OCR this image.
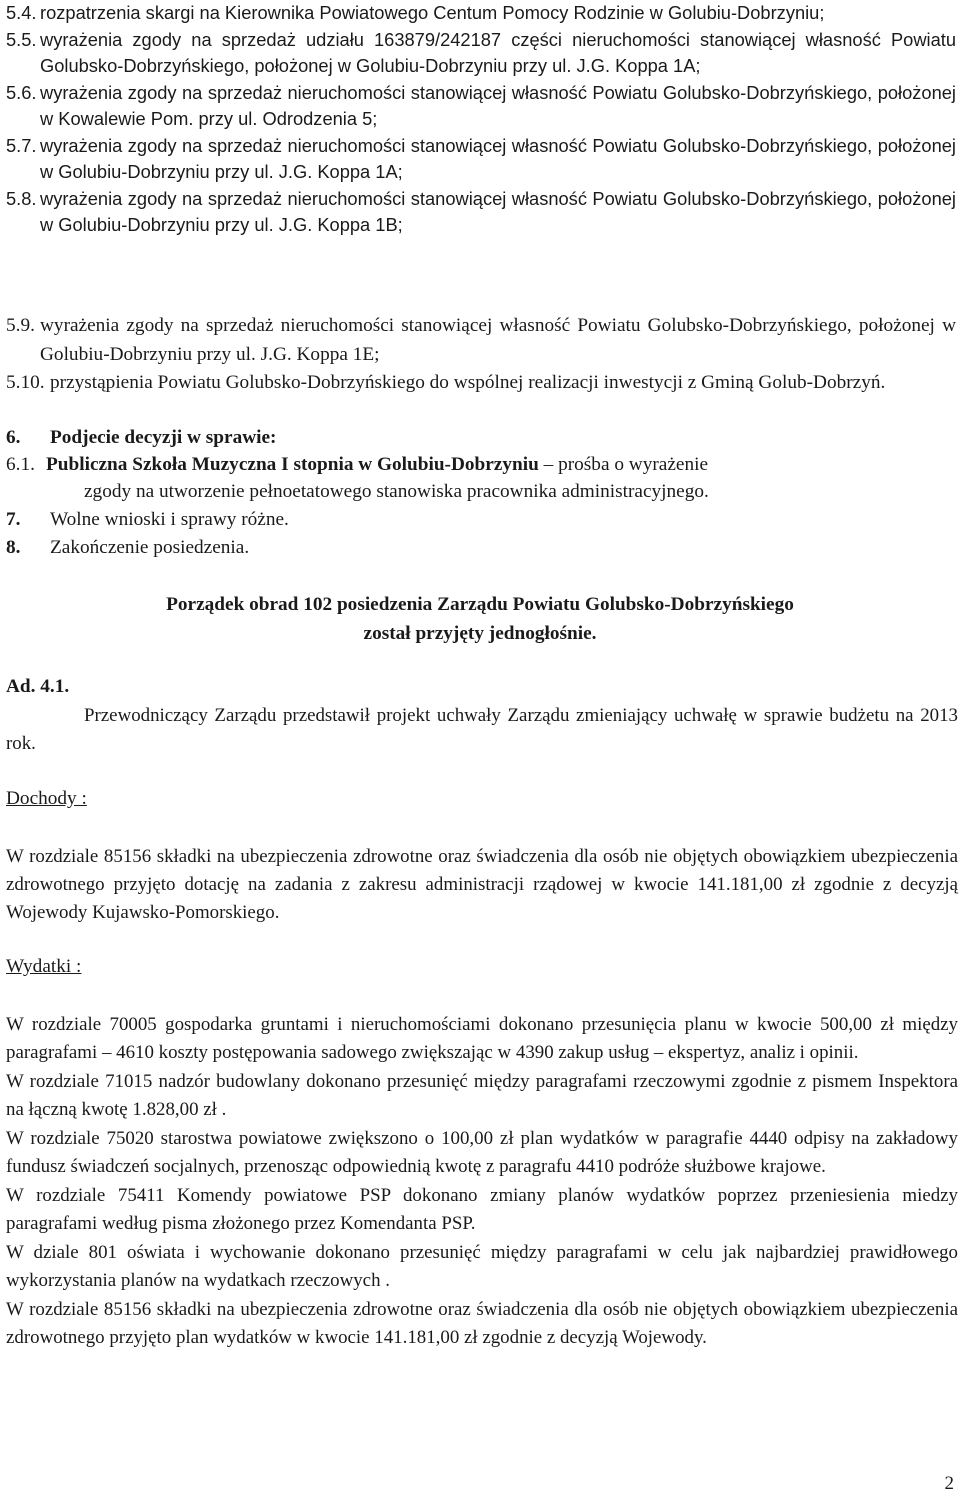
5.4. rozpatrzenia skargi na Kierownika Powiatowego Centum Pomocy Rodzinie w Golubiu-Dobrzyniu;

5.5. wyrażenia zgody na sprzedaż udziału 163879/242187 części nieruchomości stanowiącej własność Powiatu Golubsko-Dobrzyńskiego, położonej w Golubiu-Dobrzyniu przy ul. J.G. Koppa 1A;

5.6. wyrażenia zgody na sprzedaż nieruchomości stanowiącej własność Powiatu Golubsko-Dobrzyńskiego, położonej w Kowalewie Pom. przy ul. Odrodzenia 5;

5.7. wyrażenia zgody na sprzedaż nieruchomości stanowiącej własność Powiatu Golubsko-Dobrzyńskiego, położonej w Golubiu-Dobrzyniu przy ul. J.G. Koppa 1A;

5.8. wyrażenia zgody na sprzedaż nieruchomości stanowiącej własność Powiatu Golubsko-Dobrzyńskiego, położonej w Golubiu-Dobrzyniu przy ul. J.G. Koppa 1B;

5.9. wyrażenia zgody na sprzedaż nieruchomości stanowiącej własność Powiatu Golubsko-Dobrzyńskiego, położonej w Golubiu-Dobrzyniu przy ul. J.G. Koppa 1E;

5.10. przystąpienia Powiatu Golubsko-Dobrzyńskiego do wspólnej realizacji inwestycji z Gminą Golub-Dobrzyń.

6. Podjecie decyzji w sprawie:
6.1. Publiczna Szkoła Muzyczna I stopnia w Golubiu-Dobrzyniu – prośba o wyrażenie
zgody na utworzenie pełnoetatowego stanowiska pracownika administracyjnego.
7. Wolne wnioski i sprawy różne.
8. Zakończenie posiedzenia.
Porządek obrad 102 posiedzenia Zarządu Powiatu Golubsko-Dobrzyńskiego
został przyjęty jednogłośnie.
Ad. 4.1.

Przewodniczący Zarządu przedstawił projekt uchwały Zarządu zmieniający uchwałę w sprawie budżetu na 2013 rok.

Dochody :

W rozdziale 85156 składki na ubezpieczenia zdrowotne oraz świadczenia dla osób nie objętych obowiązkiem ubezpieczenia zdrowotnego przyjęto dotację na zadania z zakresu administracji rządowej w kwocie 141.181,00 zł zgodnie z decyzją Wojewody Kujawsko-Pomorskiego.

Wydatki :

W rozdziale 70005 gospodarka gruntami i nieruchomościami dokonano przesunięcia planu w kwocie 500,00 zł między paragrafami – 4610 koszty postępowania sadowego zwiększając w 4390 zakup usług – ekspertyz, analiz i opinii.

W rozdziale 71015 nadzór budowlany dokonano przesunięć między paragrafami rzeczowymi zgodnie z pismem Inspektora na łączną kwotę 1.828,00 zł .

W rozdziale 75020 starostwa powiatowe zwiększono o 100,00 zł plan wydatków w paragrafie 4440 odpisy na zakładowy fundusz świadczeń socjalnych, przenosząc odpowiednią kwotę z paragrafu 4410 podróże służbowe krajowe.

W rozdziale 75411 Komendy powiatowe PSP dokonano zmiany planów wydatków poprzez przeniesienia miedzy paragrafami według pisma złożonego przez Komendanta PSP.

W dziale 801 oświata i wychowanie dokonano przesunięć między paragrafami w celu jak najbardziej prawidłowego wykorzystania planów na wydatkach rzeczowych .

W rozdziale 85156 składki na ubezpieczenia zdrowotne oraz świadczenia dla osób nie objętych obowiązkiem ubezpieczenia zdrowotnego przyjęto plan wydatków w kwocie 141.181,00 zł zgodnie z decyzją Wojewody.

2
